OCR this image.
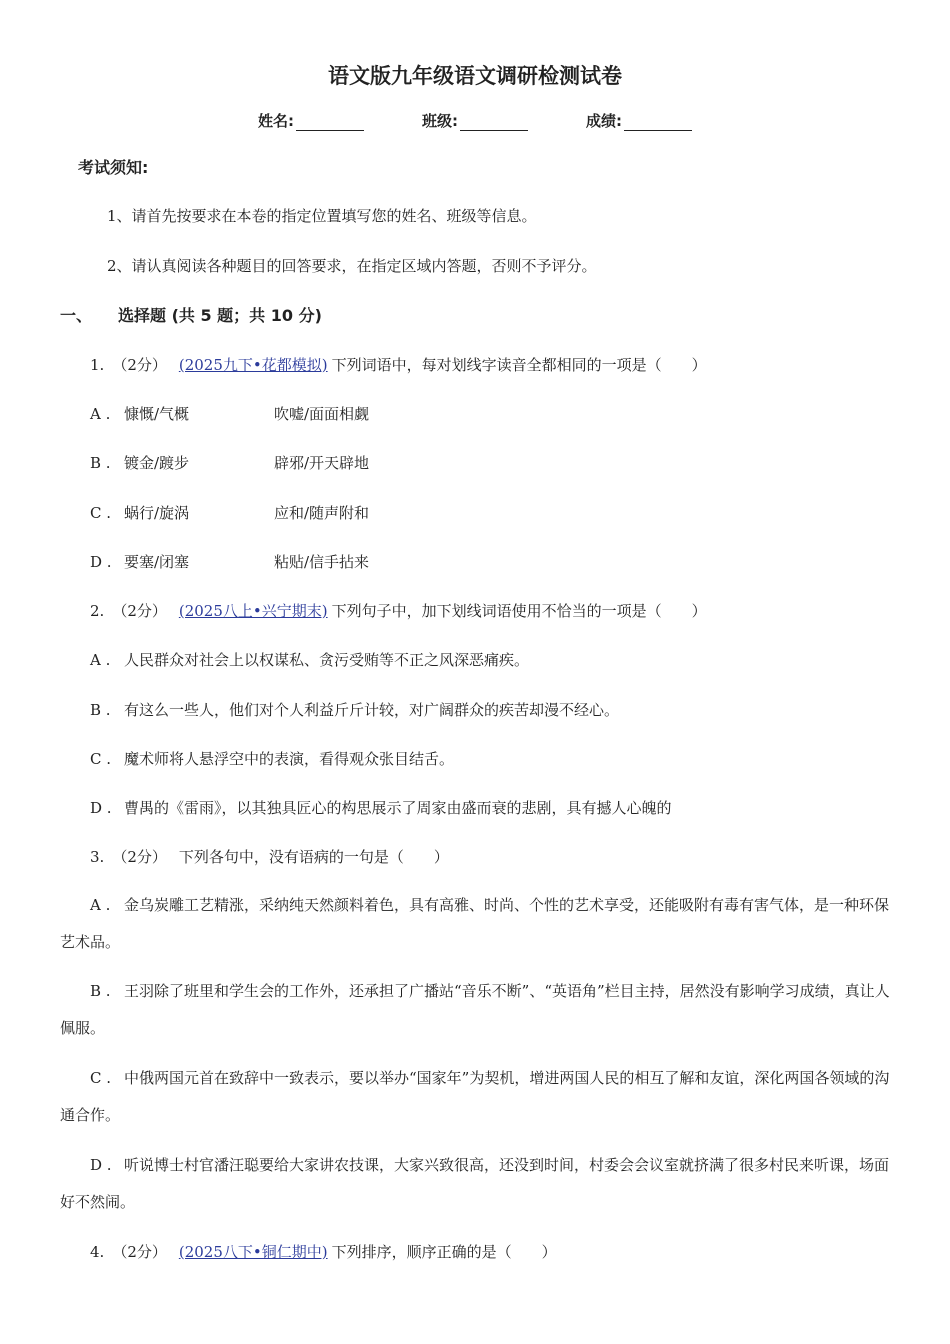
语文版九年级语文调研检测试卷
姓名:	班级:	成绩:
考试须知:
1、请首先按要求在本卷的指定位置填写您的姓名、班级等信息。
2、请认真阅读各种题目的回答要求，在指定区域内答题，否则不予评分。
一、 选择题 (共 5 题；共 10 分)
1. （2分） (2025九下•花都模拟) 下列词语中，每对划线字读音全都相同的一项是（　　）
A . 慷慨/气概	吹嘘/面面相觑
B . 镀金/踱步	辟邪/开天辟地
C . 蜗行/旋涡	应和/随声附和
D . 要塞/闭塞	粘贴/信手拈来
2. （2分） (2025八上•兴宁期末) 下列句子中，加下划线词语使用不恰当的一项是（　　）
A . 人民群众对社会上以权谋私、贪污受贿等不正之风深恶痛疾。
B . 有这么一些人，他们对个人利益斤斤计较，对广阔群众的疾苦却漫不经心。
C . 魔术师将人悬浮空中的表演，看得观众张目结舌。
D . 曹禺的《雷雨》，以其独具匠心的构思展示了周家由盛而衰的悲剧，具有撼人心魄的
3. （2分） 下列各句中，没有语病的一句是（　　）
A . 金乌炭雕工艺精涨，采纳纯天然颜料着色，具有高雅、时尚、个性的艺术享受，还能吸附有毒有害气体，是一种环保艺术品。
B . 王羽除了班里和学生会的工作外，还承担了广播站“音乐不断”、“英语角”栏目主持，居然没有影响学习成绩，真让人佩服。
C . 中俄两国元首在致辞中一致表示，要以举办“国家年”为契机，增进两国人民的相互了解和友谊，深化两国各领域的沟通合作。
D . 听说博士村官潘汪聪要给大家讲农技课，大家兴致很高，还没到时间，村委会会议室就挤满了很多村民来听课，场面好不然闹。
4. （2分） (2025八下•铜仁期中) 下列排序，顺序正确的是（　　）
